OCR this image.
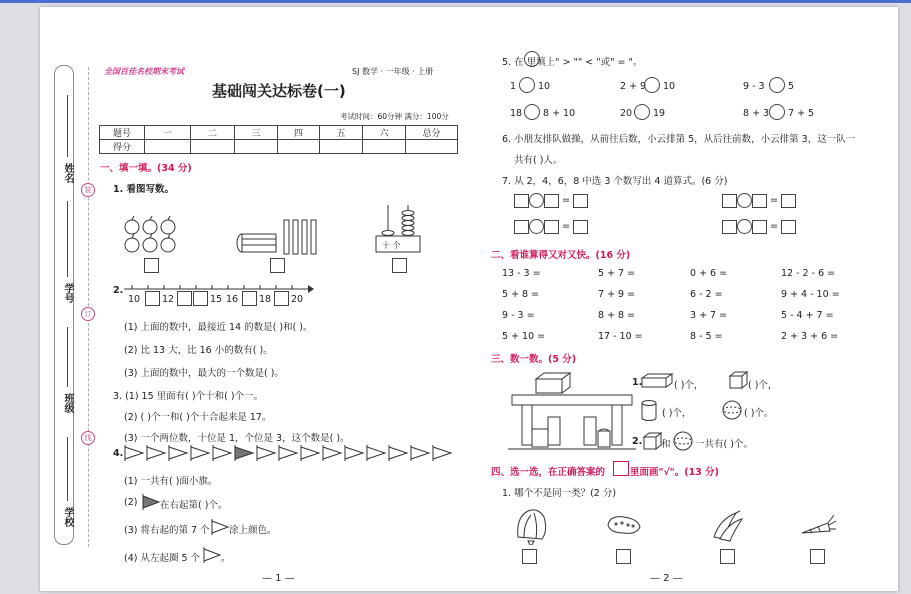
姓名
学号
班级
学校
装
订
线
全国百佳名校期末考试	SJ 数学 · 一年级 · 上册
基础闯关达标卷(一)
考试时间：60分钟 满分：100分
题号	一	二	三	四	五	六	总分
得分							
一、填一填。(34 分)
1. 看图写数。
十 个
2.
10 12	15 16 18 20
(1) 上面的数中，最接近 14 的数是( )和( )。
(2) 比 13 大，比 16 小的数有( )。
(3) 上面的数中，最大的一个数是( )。
3. (1) 15 里面有( )个十和( )个一。
(2) ( )个一和( )个十合起来是 17。
(3) 一个两位数，十位是 1，个位是 3，这个数是( )。
4.
(1) 一共有( )面小旗。
(2) 在右起第( )个。
(3) 将右起的第 7 个 涂上颜色。
(4) 从左起圈 5 个 。
— 1 —
5. 在 里填上" > "" < "或" = "。
1 10	2 + 9 10	9 - 3 5
18 8 + 10	20 19	8 + 3 7 + 5
6. 小朋友排队做操，从前往后数，小云排第 5，从后往前数，小云排第 3，这一队一
共有( )人。
7. 从 2，4，6，8 中选 3 个数写出 4 道算式。(6 分)
=	=
=	=
二、看谁算得又对又快。(16 分)
13 - 3 =	5 + 7 =	0 + 6 =	12 - 2 - 6 =
5 + 8 =	7 + 9 =	6 - 2 =	9 + 4 - 10 =
9 - 3 =	8 + 8 =	3 + 7 =	5 - 4 + 7 =
5 + 10 =	17 - 10 =	8 - 5 =	2 + 3 + 6 =
三、数一数。(5 分)
1.	( )个，	( )个，
( )个，	( )个。
2. 和	一共有( )个。
四、选一选，在正确答案的	里面画"√"。(13 分)
1. 哪个不是同一类？(2 分)
— 2 —
